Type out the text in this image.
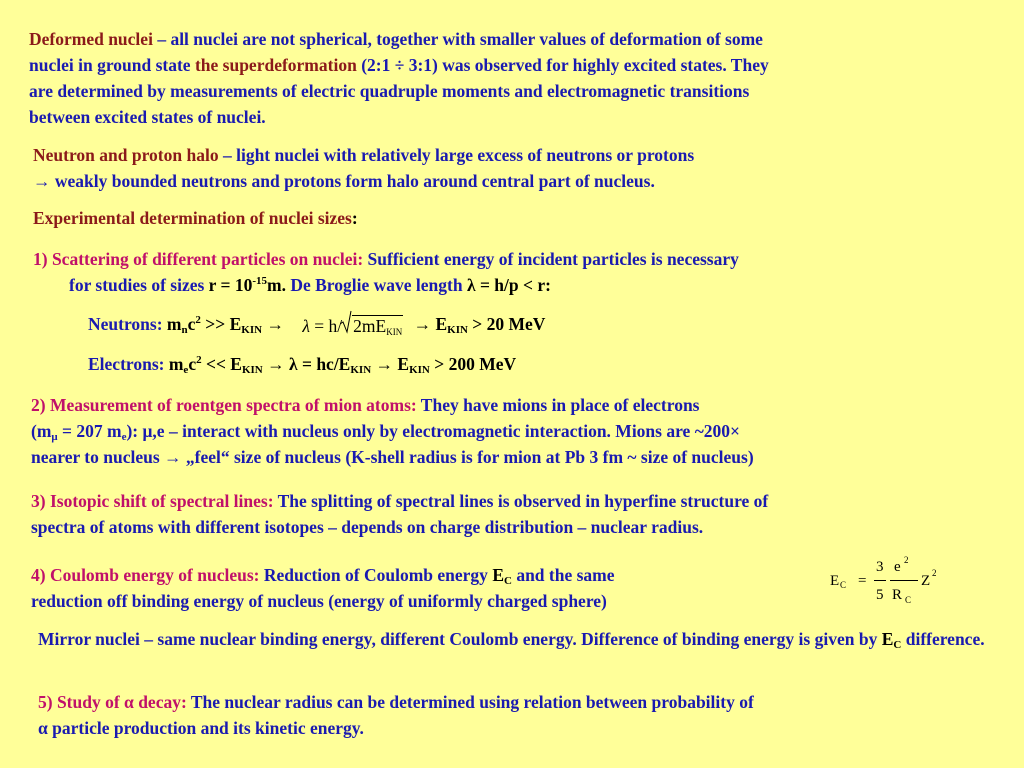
Deformed nuclei – all nuclei are not spherical, together with smaller values of deformation of some
nuclei in ground state the superdeformation (2:1 ÷ 3:1) was observed for highly excited states. They
are determined by measurements of electric quadruple moments and electromagnetic transitions
between excited states of nuclei.
Neutron and proton halo – light nuclei with relatively large excess of neutrons or protons
→ weakly bounded neutrons and protons form halo around central part of nucleus.
Experimental determination of nuclei sizes:
1) Scattering of different particles on nuclei: Sufficient energy of incident particles is necessary
for studies of sizes $r = 10^{-15}m$. De Broglie wave length λ = h/p < r:
Neutrons: $m_nc^2 >> E_{KIN} \to \lambda = h/$ $2mE_{KIN} \to E_{KIN} > 20$ MeV
Electrons: $m_ec^2 << E_{KIN} \to \lambda = hc/E_{KIN} \to E_{KIN} > 200$ MeV
2) Measurement of roentgen spectra of mion atoms: They have mions in place of electrons
($m_\mu = 207$ $m_e$): μ,e – interact with nucleus only by electromagnetic interaction. Mions are ~200×
nearer to nucleus → „feel“ size of nucleus (K-shell radius is for mion at Pb 3 fm ~ size of nucleus)
3) Isotopic shift of spectral lines: The splitting of spectral lines is observed in hyperfine structure of
spectra of atoms with different isotopes – depends on charge distribution – nuclear radius.
4) Coulomb energy of nucleus: Reduction of Coulomb energy $E_C$ and the same
reduction off binding energy of nucleus (energy of uniformly charged sphere)
E C =
3
5
e 2
R C
Z 2
Mirror nuclei – same nuclear binding energy, different Coulomb energy. Difference of binding energy is given by $E_C$ difference.
5) Study of α decay: The nuclear radius can be determined using relation between probability of
α particle production and its kinetic energy.
